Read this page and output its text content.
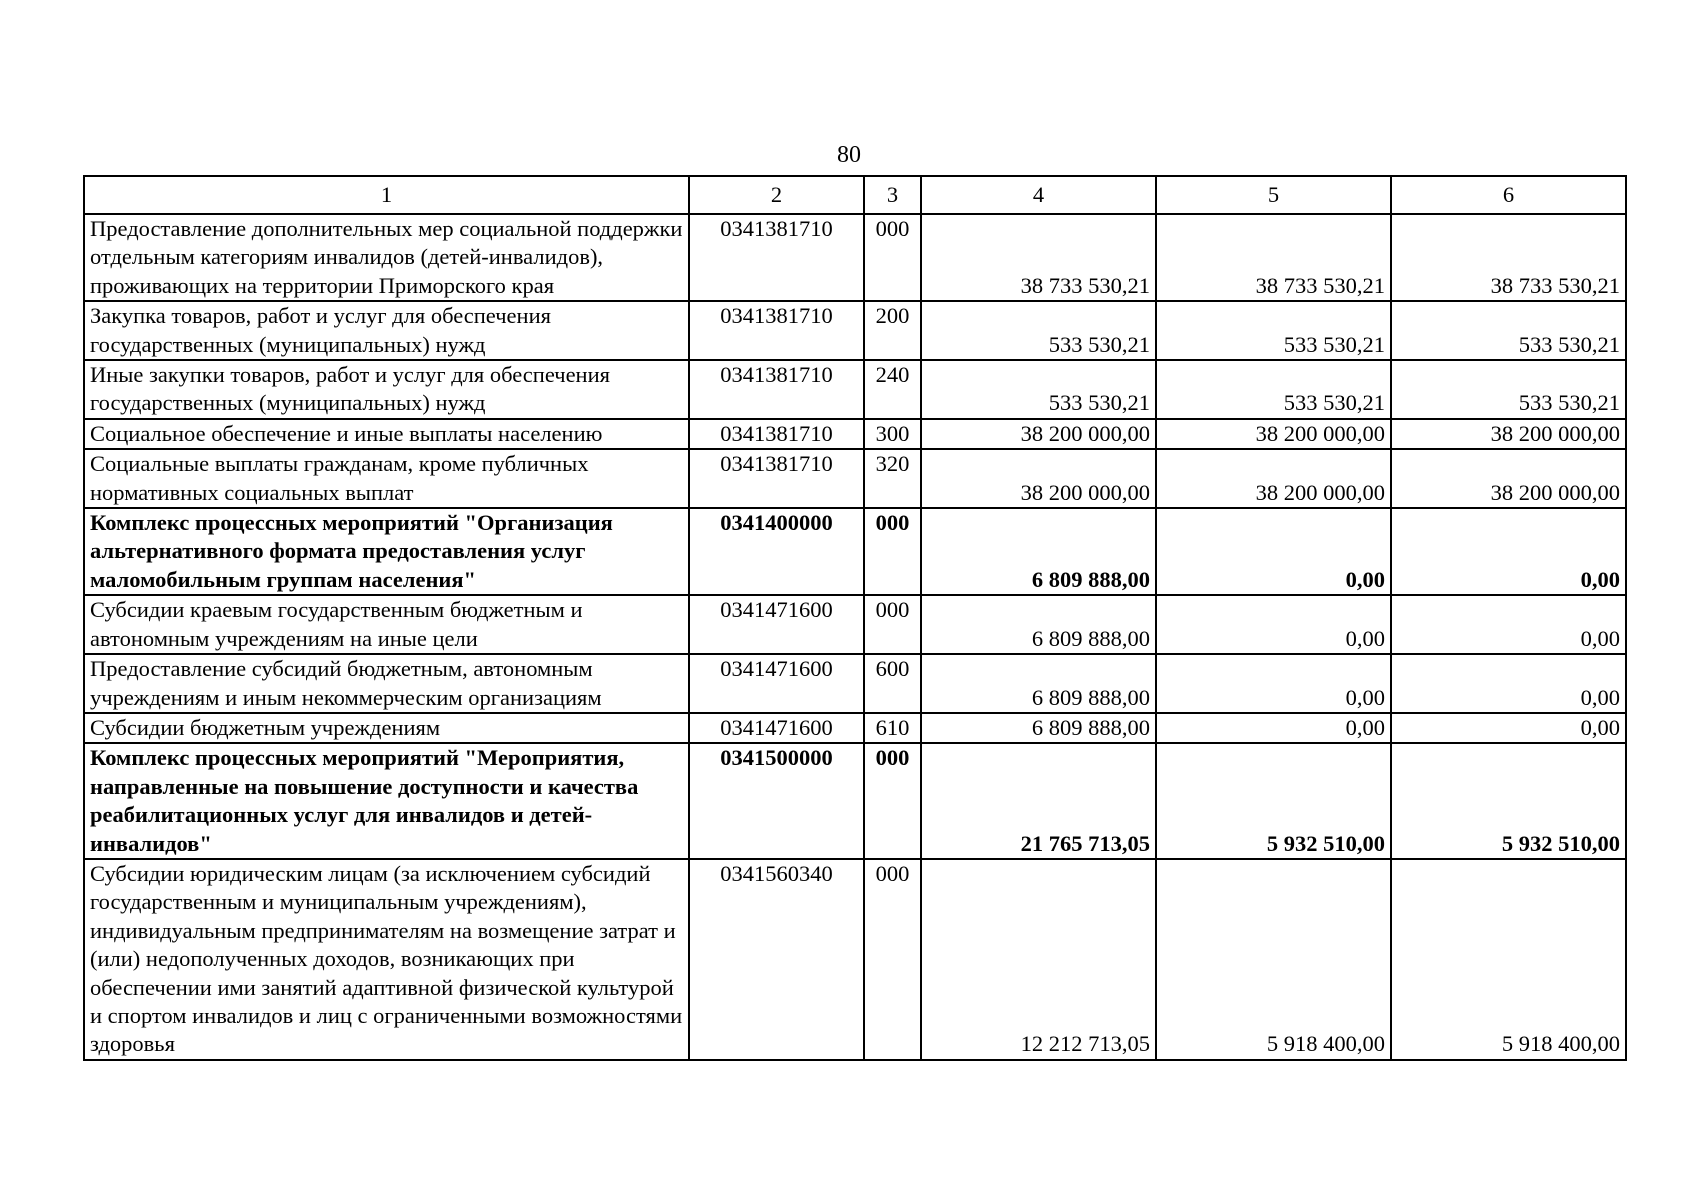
80
1	2	3	4	5	6
Предоставление дополнительных мер социальной поддержки отдельным категориям инвалидов (детей-инвалидов), проживающих на территории Приморского края	0341381710	000	38 733 530,21	38 733 530,21	38 733 530,21
Закупка товаров, работ и услуг для обеспечения государственных (муниципальных) нужд	0341381710	200	533 530,21	533 530,21	533 530,21
Иные закупки товаров, работ и услуг для обеспечения государственных (муниципальных) нужд	0341381710	240	533 530,21	533 530,21	533 530,21
Социальное обеспечение и иные выплаты населению	0341381710	300	38 200 000,00	38 200 000,00	38 200 000,00
Социальные выплаты гражданам, кроме публичных нормативных социальных выплат	0341381710	320	38 200 000,00	38 200 000,00	38 200 000,00
Комплекс процессных мероприятий "Организация альтернативного формата предоставления услуг маломобильным группам населения"	0341400000	000	6 809 888,00	0,00	0,00
Субсидии краевым государственным бюджетным и автономным учреждениям на иные цели	0341471600	000	6 809 888,00	0,00	0,00
Предоставление субсидий бюджетным, автономным учреждениям и иным некоммерческим организациям	0341471600	600	6 809 888,00	0,00	0,00
Субсидии бюджетным учреждениям	0341471600	610	6 809 888,00	0,00	0,00
Комплекс процессных мероприятий "Мероприятия, направленные на повышение доступности и качества реабилитационных услуг для инвалидов и детей-инвалидов"	0341500000	000	21 765 713,05	5 932 510,00	5 932 510,00
Субсидии юридическим лицам (за исключением субсидий государственным и муниципальным учреждениям), индивидуальным предпринимателям на возмещение затрат и (или) недополученных доходов, возникающих при обеспечении ими занятий адаптивной физической культурой и спортом инвалидов и лиц с ограниченными возможностями здоровья	0341560340	000	12 212 713,05	5 918 400,00	5 918 400,00
